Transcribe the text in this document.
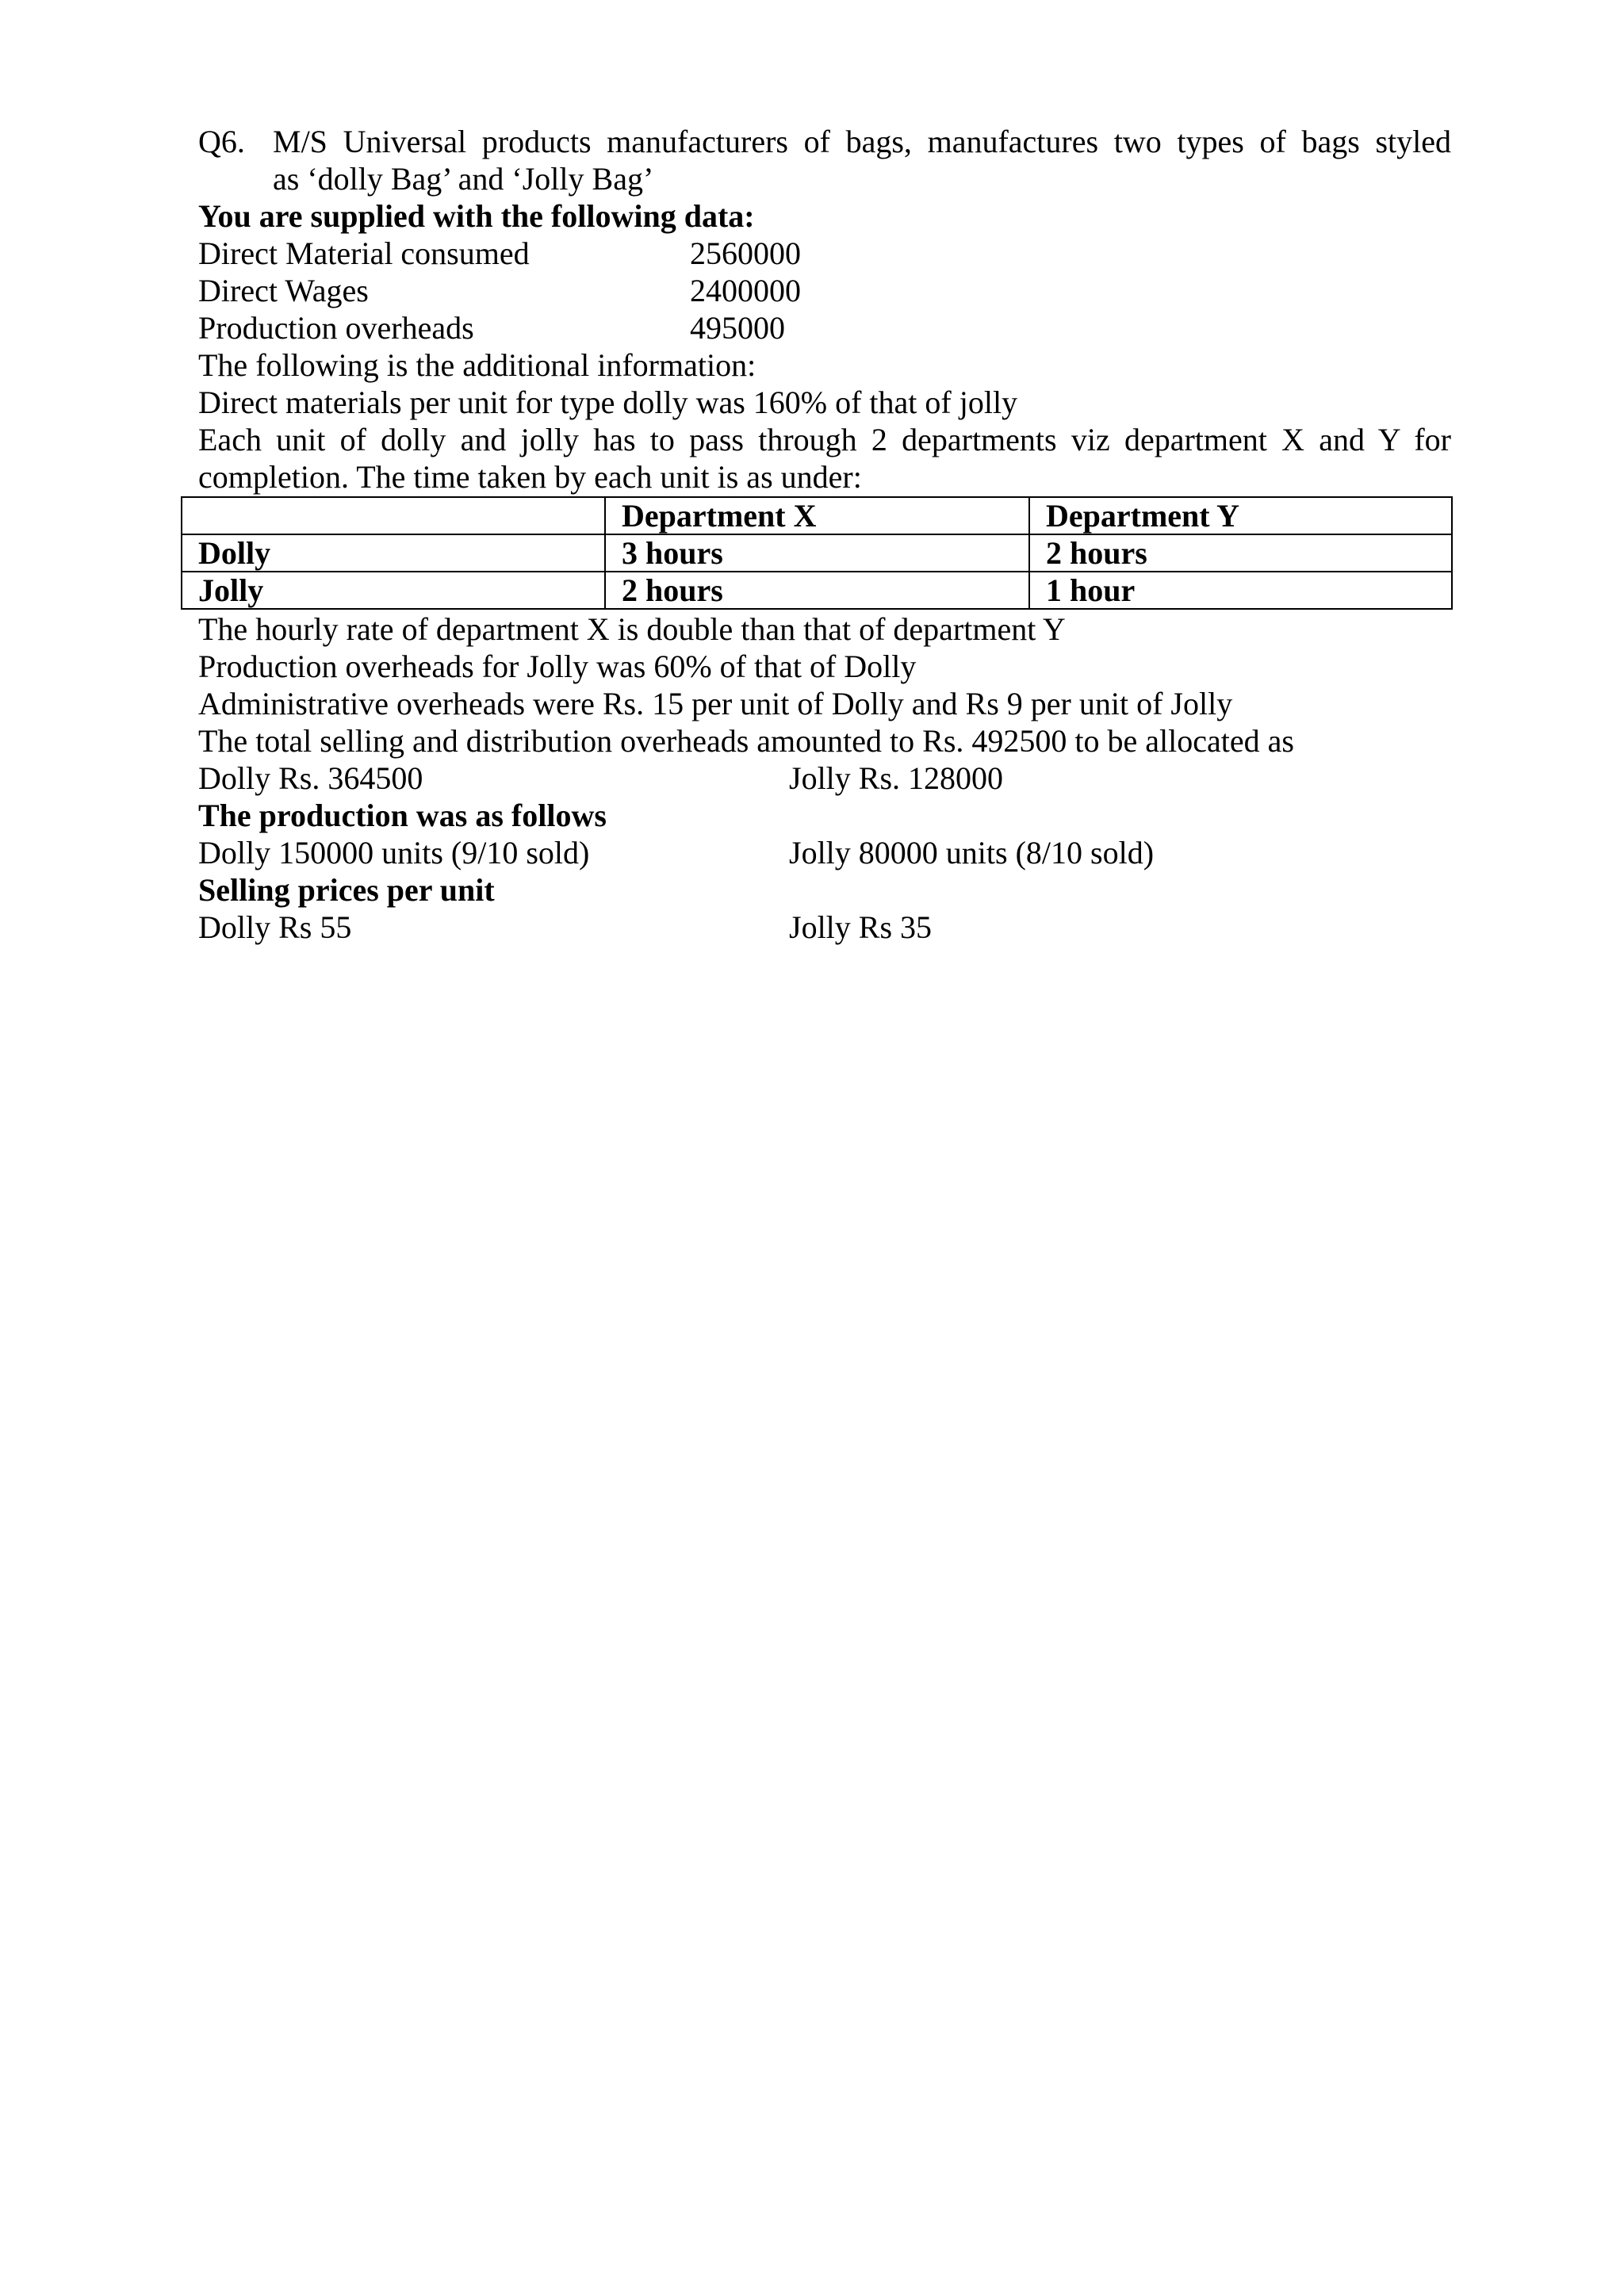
Q6. M/S Universal products manufacturers of bags, manufactures two types of bags styled
as ‘dolly Bag’ and ‘Jolly Bag’
You are supplied with the following data:
Direct Material consumed	2560000
Direct Wages	2400000
Production overheads	495000
The following is the additional information:
Direct materials per unit for type dolly was 160% of that of jolly
Each unit of dolly and jolly has to pass through 2 departments viz department X and Y for
completion. The time taken by each unit is as under:
	Department X	Department Y
Dolly	3 hours	2 hours
Jolly	2 hours	1 hour
The hourly rate of department X is double than that of department Y
Production overheads for Jolly was 60% of that of Dolly
Administrative overheads were Rs. 15 per unit of Dolly and Rs 9 per unit of Jolly
The total selling and distribution overheads amounted to Rs. 492500 to be allocated as
Dolly Rs. 364500	Jolly Rs. 128000
The production was as follows
Dolly 150000 units (9/10 sold)	Jolly 80000 units (8/10 sold)
Selling prices per unit
Dolly Rs 55	Jolly Rs 35
